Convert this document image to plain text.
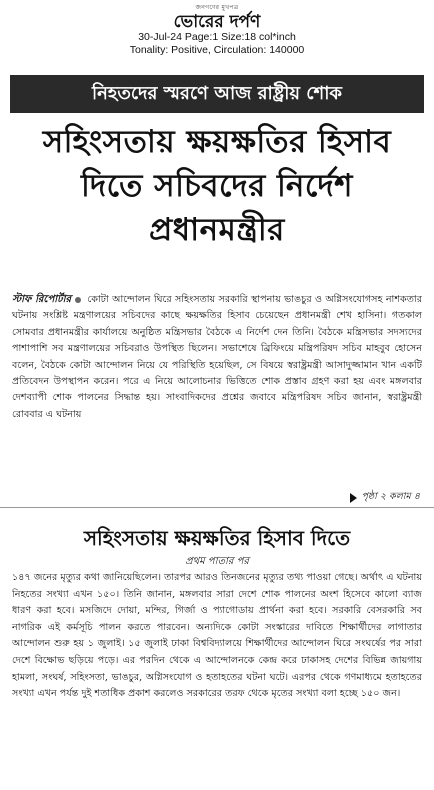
জনগণের মুখপত্র
ভোরের দর্পণ
30-Jul-24 Page:1 Size:18 col*inch
Tonality: Positive, Circulation: 140000
নিহতদের স্মরণে আজ রাষ্ট্রীয় শোক
সহিংসতায় ক্ষয়ক্ষতির হিসাব দিতে সচিবদের নির্দেশ প্রধানমন্ত্রীর
স্টাফ রিপোর্টার কোটা আন্দোলন ঘিরে সহিংসতায় সরকারি স্থাপনায় ভাঙচুর ও অগ্নিসংযোগসহ নাশকতার ঘটনায় সংশ্লিষ্ট মন্ত্রণালয়ের সচিবদের কাছে ক্ষয়ক্ষতির হিসাব চেয়েছেন প্রধানমন্ত্রী শেখ হাসিনা। গতকাল সোমবার প্রধানমন্ত্রীর কার্যালয়ে অনুষ্ঠিত মন্ত্রিসভার বৈঠকে এ নির্দেশ দেন তিনি। বৈঠকে মন্ত্রিসভার সদস্যদের পাশাপাশি সব মন্ত্রণালয়ের সচিবরাও উপস্থিত ছিলেন। সভাশেষে ব্রিফিংয়ে মন্ত্রিপরিষদ সচিব মাহবুব হোসেন বলেন, বৈঠকে কোটা আন্দোলন নিয়ে যে পরিস্থিতি হয়েছিল, সে বিষয়ে স্বরাষ্ট্রমন্ত্রী আসাদুজ্জামান খান একটি প্রতিবেদন উপস্থাপন করেন। পরে এ নিয়ে আলোচনার ভিত্তিতে শোক প্রস্তাব গ্রহণ করা হয় এবং মঙ্গলবার দেশব্যাপী শোক পালনের সিদ্ধান্ত হয়। সাংবাদিকদের প্রশ্নের জবাবে মন্ত্রিপরিষদ সচিব জানান, স্বরাষ্ট্রমন্ত্রী রোববার এ ঘটনায়
পৃষ্ঠা ২ কলাম ৪
সহিংসতায় ক্ষয়ক্ষতির হিসাব দিতে
প্রথম পাতার পর
১৪৭ জনের মৃত্যুর কথা জানিয়েছিলেন। তারপর আরও তিনজনের মৃত্যুর তথ্য পাওয়া গেছে। অর্থাৎ এ ঘটনায় নিহতের সংখ্যা এখন ১৫০। তিনি জানান, মঙ্গলবার সারা দেশে শোক পালনের অংশ হিসেবে কালো ব্যাজ ধারণ করা হবে। মসজিদে দোয়া, মন্দির, গির্জা ও প্যাগোডায় প্রার্থনা করা হবে। সরকারি বেসরকারি সব নাগরিক এই কর্মসূচি পালন করতে পারবেন। অন্যদিকে কোটা সংস্কারের দাবিতে শিক্ষার্থীদের লাগাতার আন্দোলন শুরু হয় ১ জুলাই। ১৫ জুলাই ঢাকা বিশ্ববিদ্যালয়ে শিক্ষার্থীদের আন্দোলন ঘিরে সংঘর্ষের পর সারা দেশে বিক্ষোভ ছড়িয়ে পড়ে। এর পরদিন থেকে এ আন্দোলনকে কেন্দ্র করে ঢাকাসহ দেশের বিভিন্ন জায়গায় হামলা, সংঘর্ষ, সহিংসতা, ভাঙচুর, অগ্নিসংযোগ ও হতাহতের ঘটনা ঘটে। এরপর থেকে গণমাধ্যমে হতাহতের সংখ্যা এখন পর্যন্ত দুই শতাধিক প্রকাশ করলেও সরকারের তরফ থেকে মৃতের সংখ্যা বলা হচ্ছে ১৫০ জন।
